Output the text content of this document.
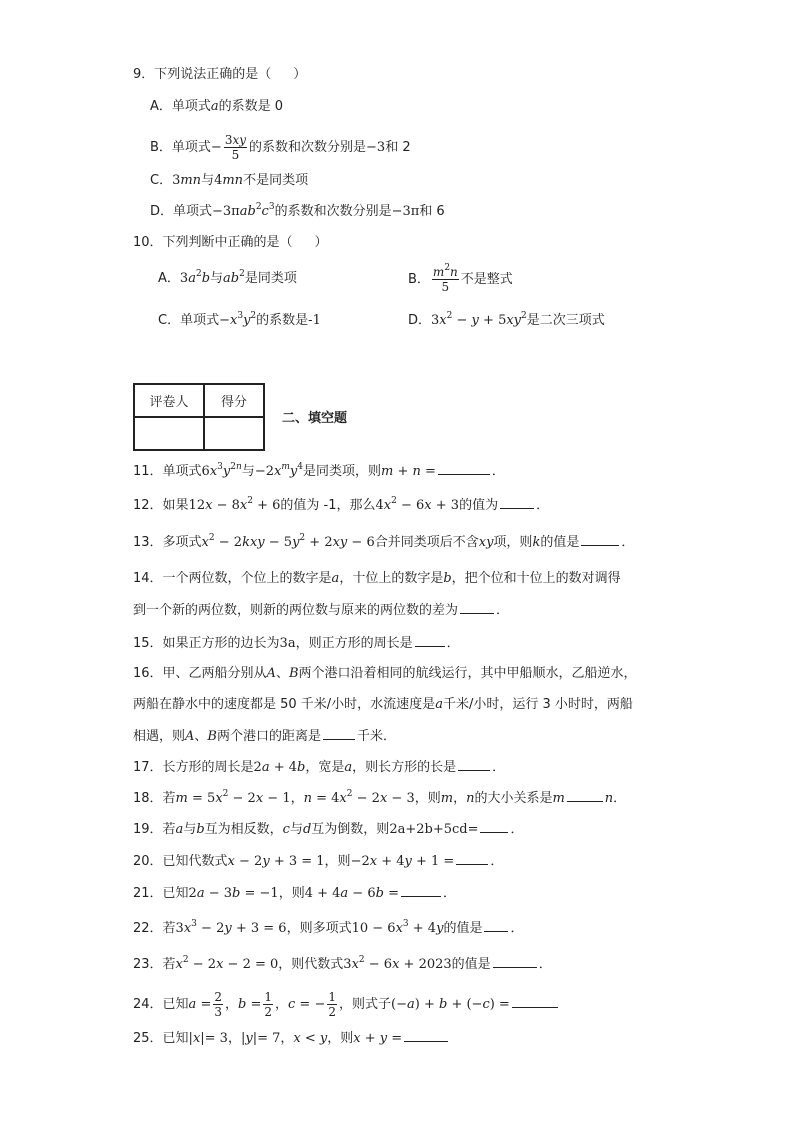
9．下列说法正确的是（ ）
A．单项式a的系数是 0
B．单项式− $\frac{3xy}{5}$ 的系数和次数分别是−3和 2
C．3mn与4mn不是同类项
D．单项式$-3\pi ab^2c^3$的系数和次数分别是−3π和 6
10．下列判断中正确的是（ ）
A．$3a^2b$与$ab^2$是同类项	B． $\frac{m^2n}{5}$ 不是整式
C．单项式$-x^3y^2$的系数是-1	D．$3x^2 - y + 5xy^2$是二次三项式
评卷人	得分

二、填空题
11．单项式$6x^3y^{2n}$与$-2x^my^4$是同类项，则m + n =	．
12．如果$12x - 8x^2 + 6$的值为 -1，那么$4x^2 - 6x + 3$的值为	．
13．多项式$x^2 - 2kxy - 5y^2 + 2xy - 6$合并同类项后不含xy项，则k的值是	．
14．一个两位数，个位上的数字是a，十位上的数字是b，把个位和十位上的数对调得
到一个新的两位数，则新的两位数与原来的两位数的差为	．
15．如果正方形的边长为3a，则正方形的周长是	．
16．甲、乙两船分别从A、B两个港口沿着相同的航线运行，其中甲船顺水，乙船逆水，
两船在静水中的速度都是 50 千米/小时，水流速度是a千米/小时，运行 3 小时时，两船
相遇，则A、B两个港口的距离是	千米．
17．长方形的周长是2a + 4b，宽是a，则长方形的长是	．
18．若$m = 5x^2 - 2x - 1$，$n = 4x^2 - 2x - 3$，则m，n的大小关系是m	n．
19．若a与b互为相反数，c与d互为倒数，则2a+2b+5cd= ．
20．已知代数式x − 2y + 3 = 1，则−2x + 4y + 1 =	．
21．已知2a − 3b = −1，则4 + 4a − 6b =	．
22．若$3x^3 - 2y + 3 = 6$，则多项式$10 - 6x^3 + 4y$的值是 ．
23．若$x^2 - 2x - 2 = 0$，则代数式$3x^2 - 6x + 2023$的值是	．
24．已知$a = \frac{2}{3}$ ，$b = \frac{1}{2}$ ，c = − $\frac{1}{2}$ ，则式子(−a) + b + (−c) =
25．已知|x|= 3，|y|= 7，x < y，则x + y =
